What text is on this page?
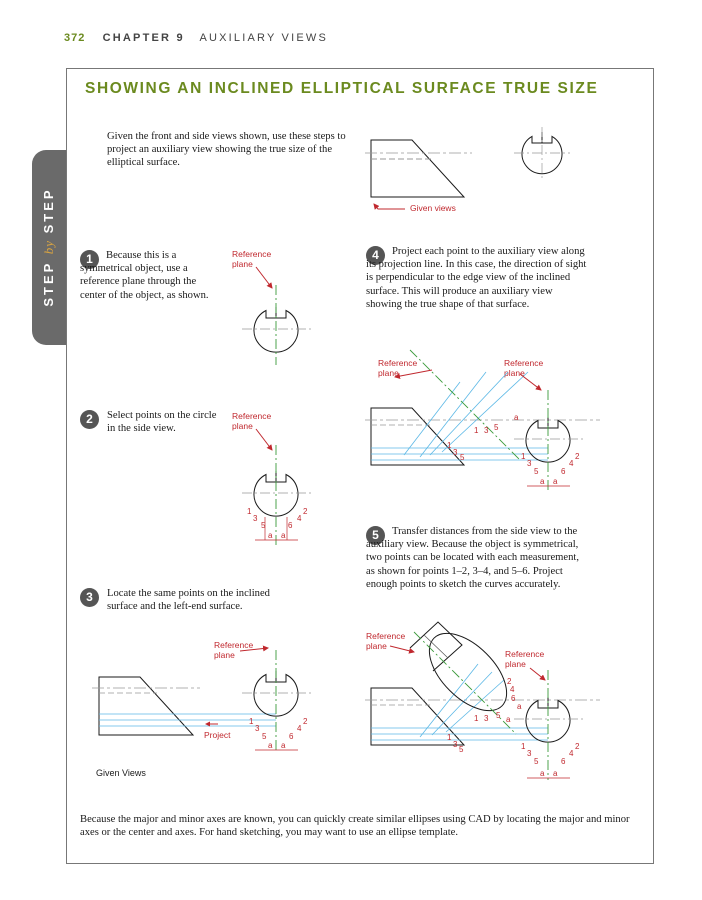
372 CHAPTER 9 AUXILIARY VIEWS
SHOWING AN INCLINED ELLIPTICAL SURFACE TRUE SIZE
STEP by STEP
Given the front and side views shown, use these steps to project an auxiliary view showing the true size of the elliptical surface.
1	Because this is a symmetrical object, use a reference plane through the center of the object, as shown.
2	Select points on the circle in the side view.
3	Locate the same points on the inclined surface and the left-end surface.
4	Project each point to the auxiliary view along its projection line. In this case, the direction of sight is perpendicular to the edge view of the inclined surface. This will produce an auxiliary view showing the true shape of that surface.
5	Transfer distances from the side view to the auxiliary view. Because the object is symmetrical, two points can be located with each measurement, as shown for points 1–2, 3–4, and 5–6. Project enough points to sketch the curves accurately.
Given views
Reference plane
Reference plane
Reference plane
Project
Reference plane
Reference plane
Reference plane
Reference plane
Given Views
Because the major and minor axes are known, you can quickly create similar ellipses using CAD by locating the major and minor axes or the center and axes. For hand sketching, you may want to use an ellipse template.
1	2
3	4
5	6
a a
1	2
3	4
5	6
a a
1 3 5
a
1
3
5	1	2
3	4
5	6
a a
2
4
6
a
1 3 5 a
1
3
5	1	2
3	4
5	6
a a
